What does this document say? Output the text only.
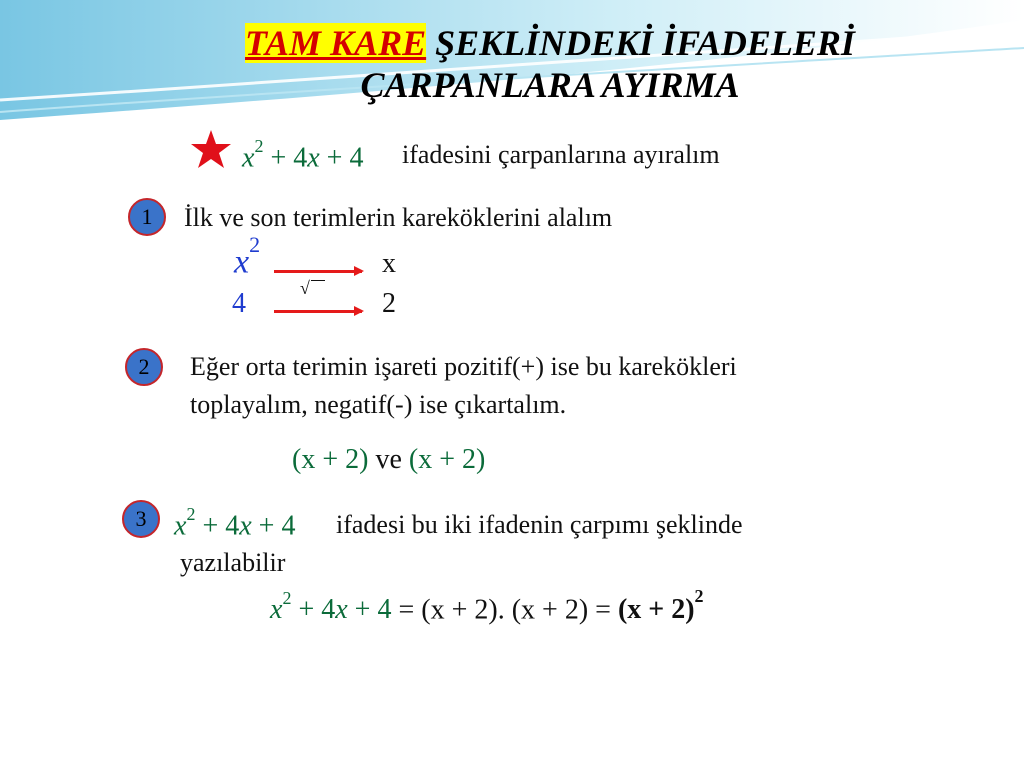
TAM KARE ŞEKLİNDEKİ İFADELERİ
ÇARPANLARA AYIRMA
$x^2 + 4x + 4$ ifadesini çarpanlarına ayıralım
1 İlk ve son terimlerin kareköklerini alalım
$x^2$
4	√
x
2
2 Eğer orta terimin işareti pozitif(+) ise bu karekökleri
toplayalım, negatif(-) ise çıkartalım.
(x + 2) ve (x + 2)
3 $x^2 + 4x + 4$ ifadesi bu iki ifadenin çarpımı şeklinde
yazılabilir
$x^2 + 4x + 4 = (x + 2)$. $(x + 2) = (x + 2)^2$
